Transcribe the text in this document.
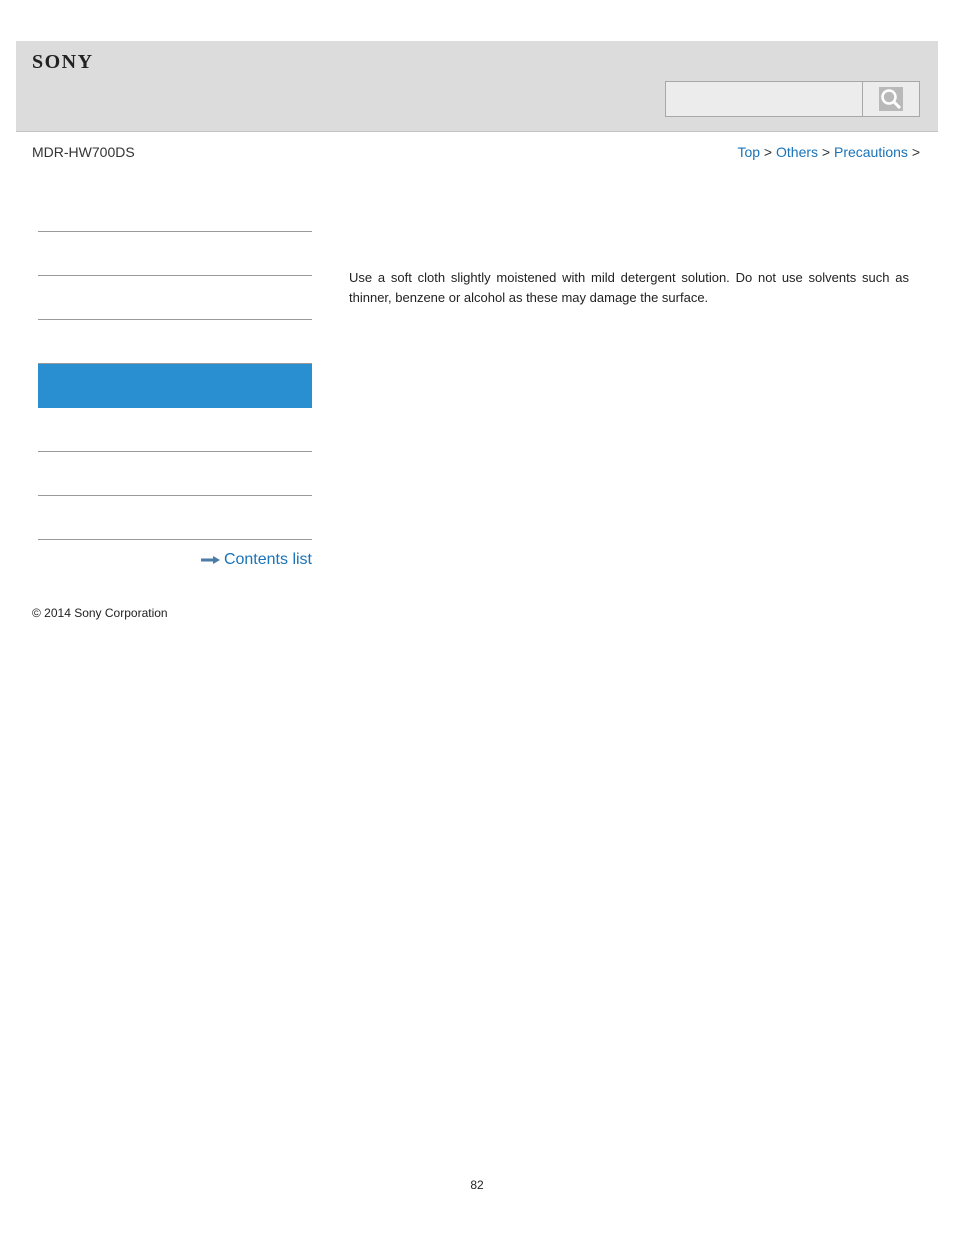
SONY
MDR-HW700DS	Top > Others > Precautions >
Contents list
Use a soft cloth slightly moistened with mild detergent solution. Do not use solvents such as thinner, benzene or alcohol as these may damage the surface.
© 2014 Sony Corporation
82
